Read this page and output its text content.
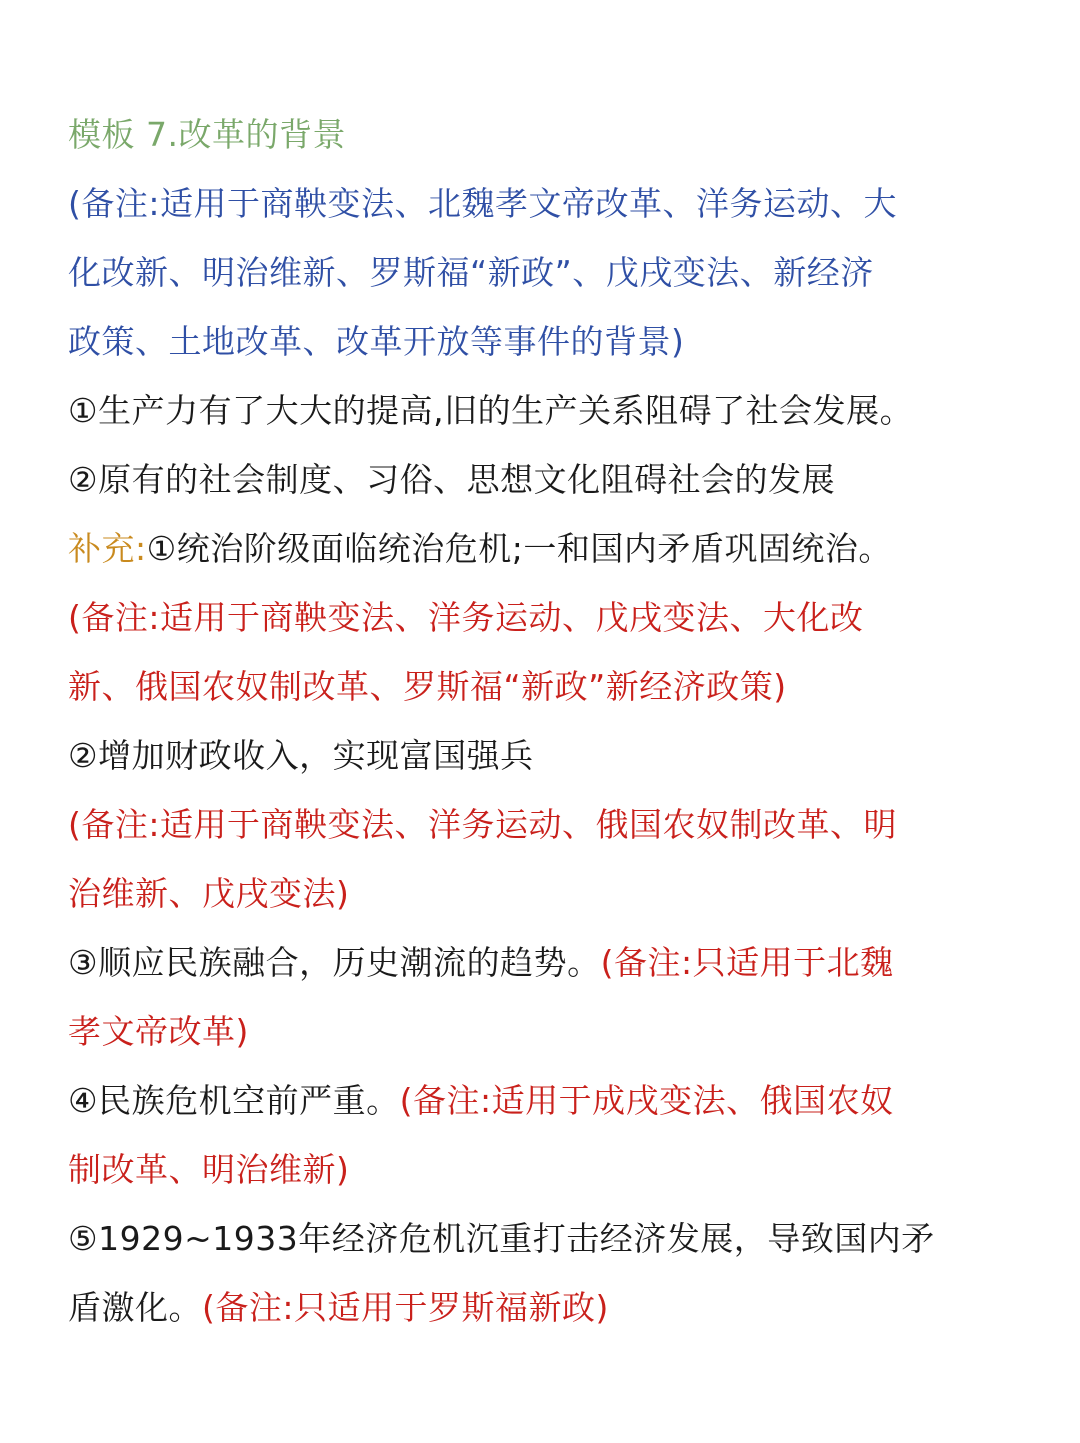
模板 7.改革的背景
(备注:适用于商鞅变法、北魏孝文帝改革、洋务运动、大
化改新、明治维新、罗斯福“新政”、戊戌变法、新经济
政策、土地改革、改革开放等事件的背景)
①生产力有了大大的提高,旧的生产关系阻碍了社会发展。
②原有的社会制度、习俗、思想文化阻碍社会的发展
补充:①统治阶级面临统治危机;一和国内矛盾巩固统治。
(备注:适用于商鞅变法、洋务运动、戊戌变法、大化改
新、俄国农奴制改革、罗斯福“新政”新经济政策)
②增加财政收入，实现富国强兵
(备注:适用于商鞅变法、洋务运动、俄国农奴制改革、明
治维新、戊戌变法)
③顺应民族融合，历史潮流的趋势。(备注:只适用于北魏
孝文帝改革)
④民族危机空前严重。(备注:适用于成戌变法、俄国农奴
制改革、明治维新)
⑤1929~1933年经济危机沉重打击经济发展，导致国内矛
盾激化。(备注:只适用于罗斯福新政)
